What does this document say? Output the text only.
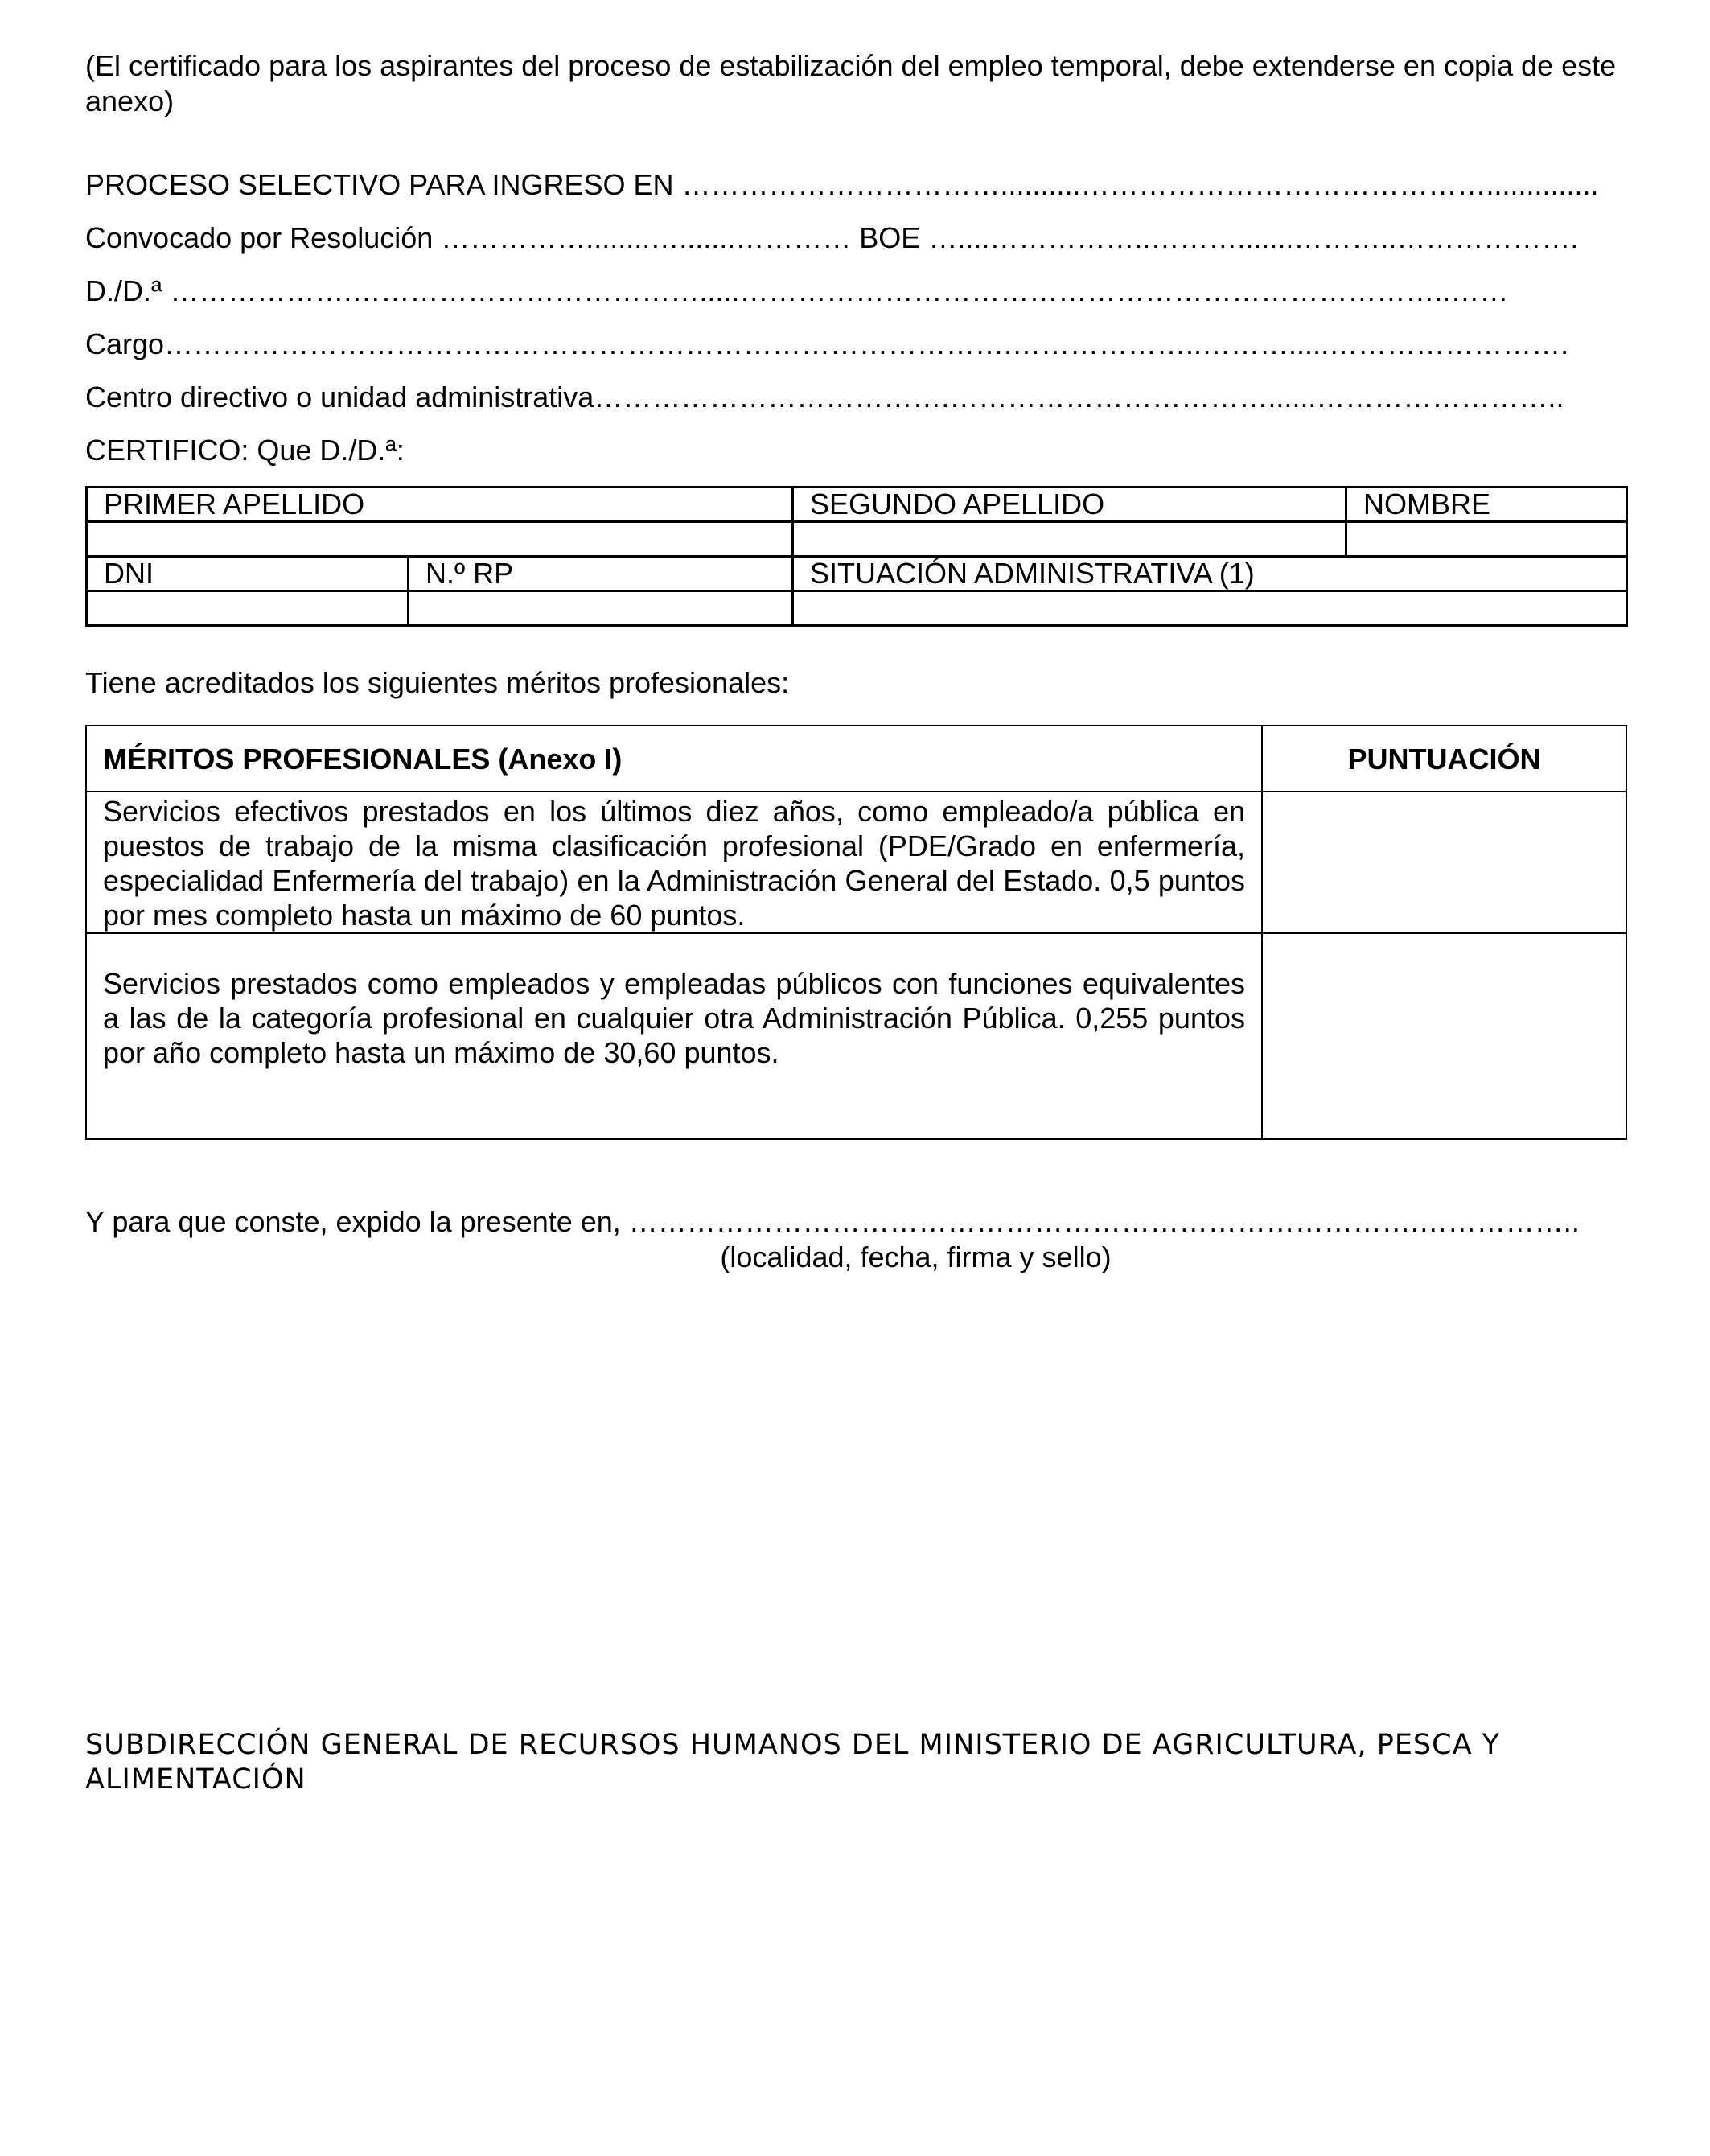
(El certificado para los aspirantes del proceso de estabilización del empleo temporal, debe extenderse en copia de este anexo)

PROCESO SELECTIVO PARA INGRESO EN ……………………………..........……………………………………..............
Convocado por Resolución ……………........….......………… BOE …....……………..……….......………..……………….
D./D.ª ……………….……………………………….....………………………………………………………………..……
Cargo…………………………………………………………………………….………………..……….....…………………….
Centro directivo o unidad administrativa……………………………….……………………………......……………………..
CERTIFICO: Que D./D.ª:
PRIMER APELLIDO		SEGUNDO APELLIDO	NOMBRE

DNI	N.º RP	SITUACIÓN ADMINISTRATIVA (1)	

Tiene acreditados los siguientes méritos profesionales:

MÉRITOS PROFESIONALES (Anexo I)	PUNTUACIÓN
Servicios efectivos prestados en los últimos diez años, como empleado/a pública en puestos de trabajo de la misma clasificación profesional (PDE/Grado en enfermería, especialidad Enfermería del trabajo) en la Administración General del Estado. 0,5 puntos por mes completo hasta un máximo de 60 puntos.	
Servicios prestados como empleados y empleadas públicos con funciones equivalentes a las de la categoría profesional en cualquier otra Administración Pública. 0,255 puntos por año completo hasta un máximo de 30,60 puntos.	
Y para que conste, expido la presente en, ……………………………………………………………………….……………..
(localidad, fecha, firma y sello)
SUBDIRECCIÓN GENERAL DE RECURSOS HUMANOS DEL MINISTERIO DE AGRICULTURA, PESCA Y ALIMENTACIÓN
